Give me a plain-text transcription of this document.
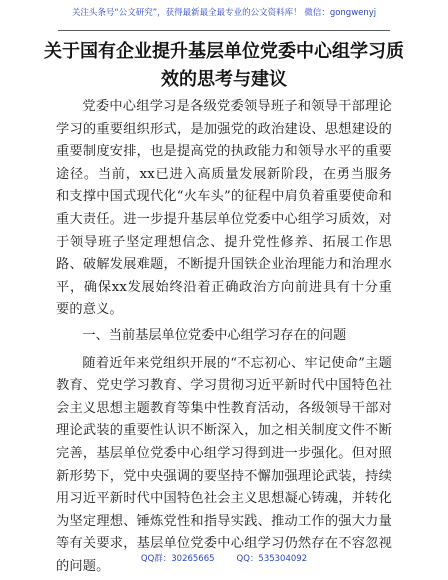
关注头条号“公文研究”，获得最新最全最专业的公文资料库！ 微信：gongwenyj
关于国有企业提升基层单位党委中心组学习质
效的思考与建议

党委中心组学习是各级党委领导班子和领导干部理论学习的重要组织形式，是加强党的政治建设、思想建设的重要制度安排，也是提高党的执政能力和领导水平的重要途径。当前，xx已进入高质量发展新阶段，在勇当服务和支撑中国式现代化“火车头”的征程中肩负着重要使命和重大责任。进一步提升基层单位党委中心组学习质效，对于领导班子坚定理想信念、提升党性修养、拓展工作思路、破解发展难题，不断提升国铁企业治理能力和治理水平，确保xx发展始终沿着正确政治方向前进具有十分重要的意义。

一、当前基层单位党委中心组学习存在的问题

随着近年来党组织开展的“不忘初心、牢记使命”主题教育、党史学习教育、学习贯彻习近平新时代中国特色社会主义思想主题教育等集中性教育活动，各级领导干部对理论武装的重要性认识不断深入，加之相关制度文件不断完善，基层单位党委中心组学习得到进一步强化。但对照新形势下，党中央强调的要坚持不懈加强理论武装，持续用习近平新时代中国特色社会主义思想凝心铸魂，并转化为坚定理想、锤炼党性和指导实践、推动工作的强大力量等有关要求，基层单位党委中心组学习仍然存在不容忽视的问题。	QQ群：30265665	QQ：535304092
